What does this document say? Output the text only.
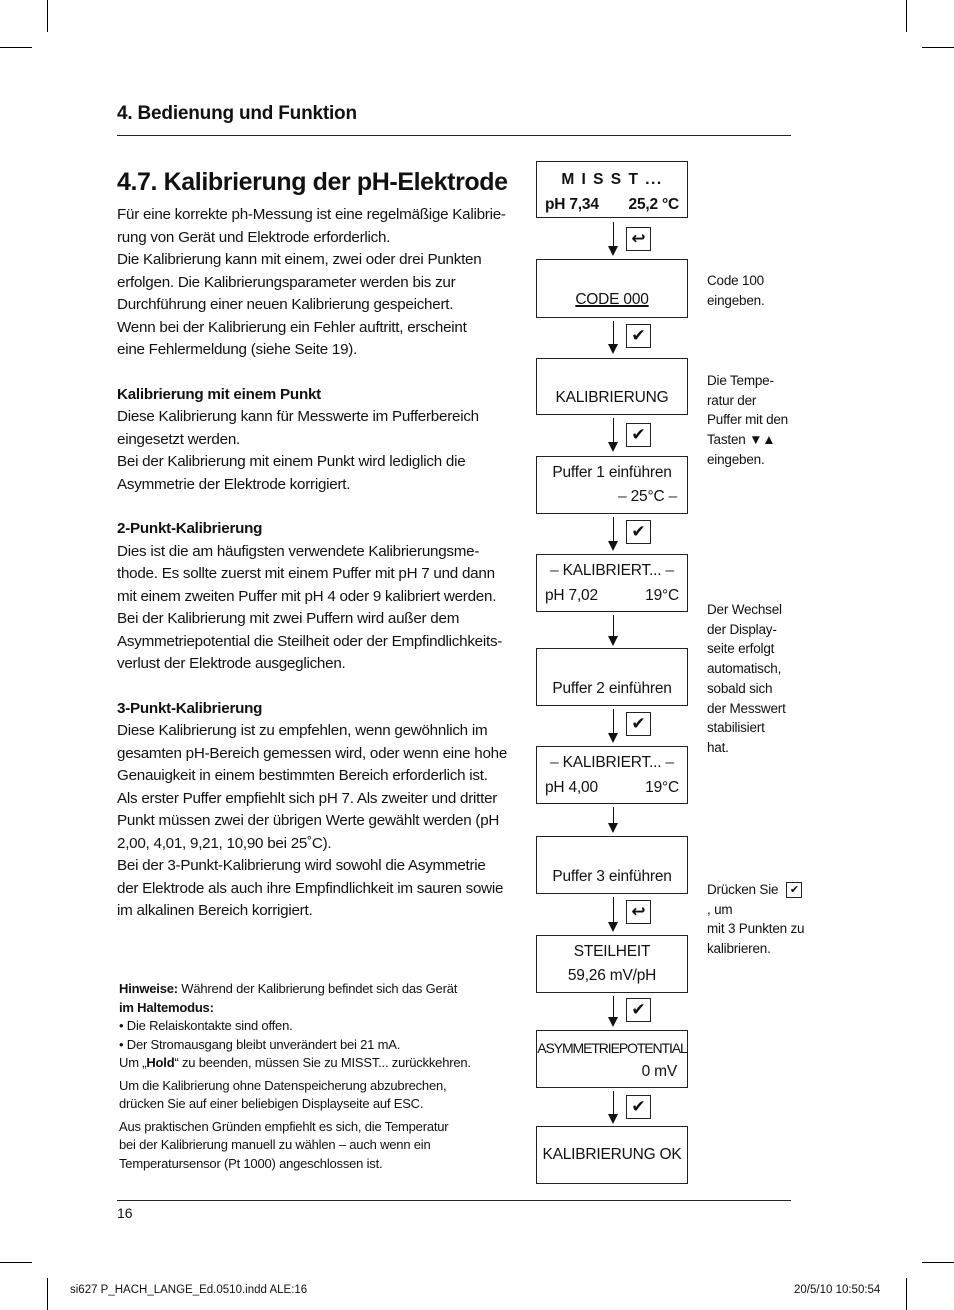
4. Bedienung und Funktion
4.7. Kalibrierung der pH-Elektrode

Für eine korrekte ph-Messung ist eine regelmäßige Kalibrie-

rung von Gerät und Elektrode erforderlich.

Die Kalibrierung kann mit einem, zwei oder drei Punkten

erfolgen. Die Kalibrierungsparameter werden bis zur

Durchführung einer neuen Kalibrierung gespeichert.

Wenn bei der Kalibrierung ein Fehler auftritt, erscheint

eine Fehlermeldung (siehe Seite 19).

Kalibrierung mit einem Punkt

Diese Kalibrierung kann für Messwerte im Pufferbereich

eingesetzt werden.

Bei der Kalibrierung mit einem Punkt wird lediglich die

Asymmetrie der Elektrode korrigiert.

2-Punkt-Kalibrierung

Dies ist die am häufigsten verwendete Kalibrierungsme-

thode. Es sollte zuerst mit einem Puffer mit pH 7 und dann

mit einem zweiten Puffer mit pH 4 oder 9 kalibriert werden.

Bei der Kalibrierung mit zwei Puffern wird außer dem

Asymmetriepotential die Steilheit oder der Empfindlichkeits-

verlust der Elektrode ausgeglichen.

3-Punkt-Kalibrierung

Diese Kalibrierung ist zu empfehlen, wenn gewöhnlich im

gesamten pH-Bereich gemessen wird, oder wenn eine hohe

Genauigkeit in einem bestimmten Bereich erforderlich ist.

Als erster Puffer empfiehlt sich pH 7. Als zweiter und dritter

Punkt müssen zwei der übrigen Werte gewählt werden (pH

2,00, 4,01, 9,21, 10,90 bei 25˚C).

Bei der 3-Punkt-Kalibrierung wird sowohl die Asymmetrie

der Elektrode als auch ihre Empfindlichkeit im sauren sowie

im alkalinen Bereich korrigiert.

Hinweise: Während der Kalibrierung befindet sich das Gerät

im Haltemodus:

• Die Relaiskontakte sind offen.

• Der Stromausgang bleibt unverändert bei 21 mA.

Um „Hold“ zu beenden, müssen Sie zu MISST... zurückkehren.

Um die Kalibrierung ohne Datenspeicherung abzubrechen,

drücken Sie auf einer beliebigen Displayseite auf ESC.

Aus praktischen Gründen empfiehlt es sich, die Temperatur

bei der Kalibrierung manuell zu wählen – auch wenn ein

Temperatursensor (Pt 1000) angeschlossen ist.

M I S S T ...
pH 7,34 25,2 °C
↩
CODE 000
✔
KALIBRIERUNG
✔
Puffer 1 einführen
– 25°C –
✔
– KALIBRIERT... –
pH 7,02	19°C
Puffer 2 einführen
✔
– KALIBRIERT... –
pH 4,00	19°C
Puffer 3 einführen
↩
STEILHEIT
59,26 mV/pH
✔
ASYMMETRIEPOTENTIAL
0 mV
✔
KALIBRIERUNG OK

Code 100

eingeben.

Die Tempe-

ratur der

Puffer mit den

Tasten ▼▲

eingeben.

Der Wechsel

der Display-

seite erfolgt

automatisch,

sobald sich

der Messwert

stabilisiert

hat.

Drücken Sie ✔

, um

mit 3 Punkten zu

kalibrieren.

16
si627 P_HACH_LANGE_Ed.0510.indd ALE:16	20/5/10 10:50:54
